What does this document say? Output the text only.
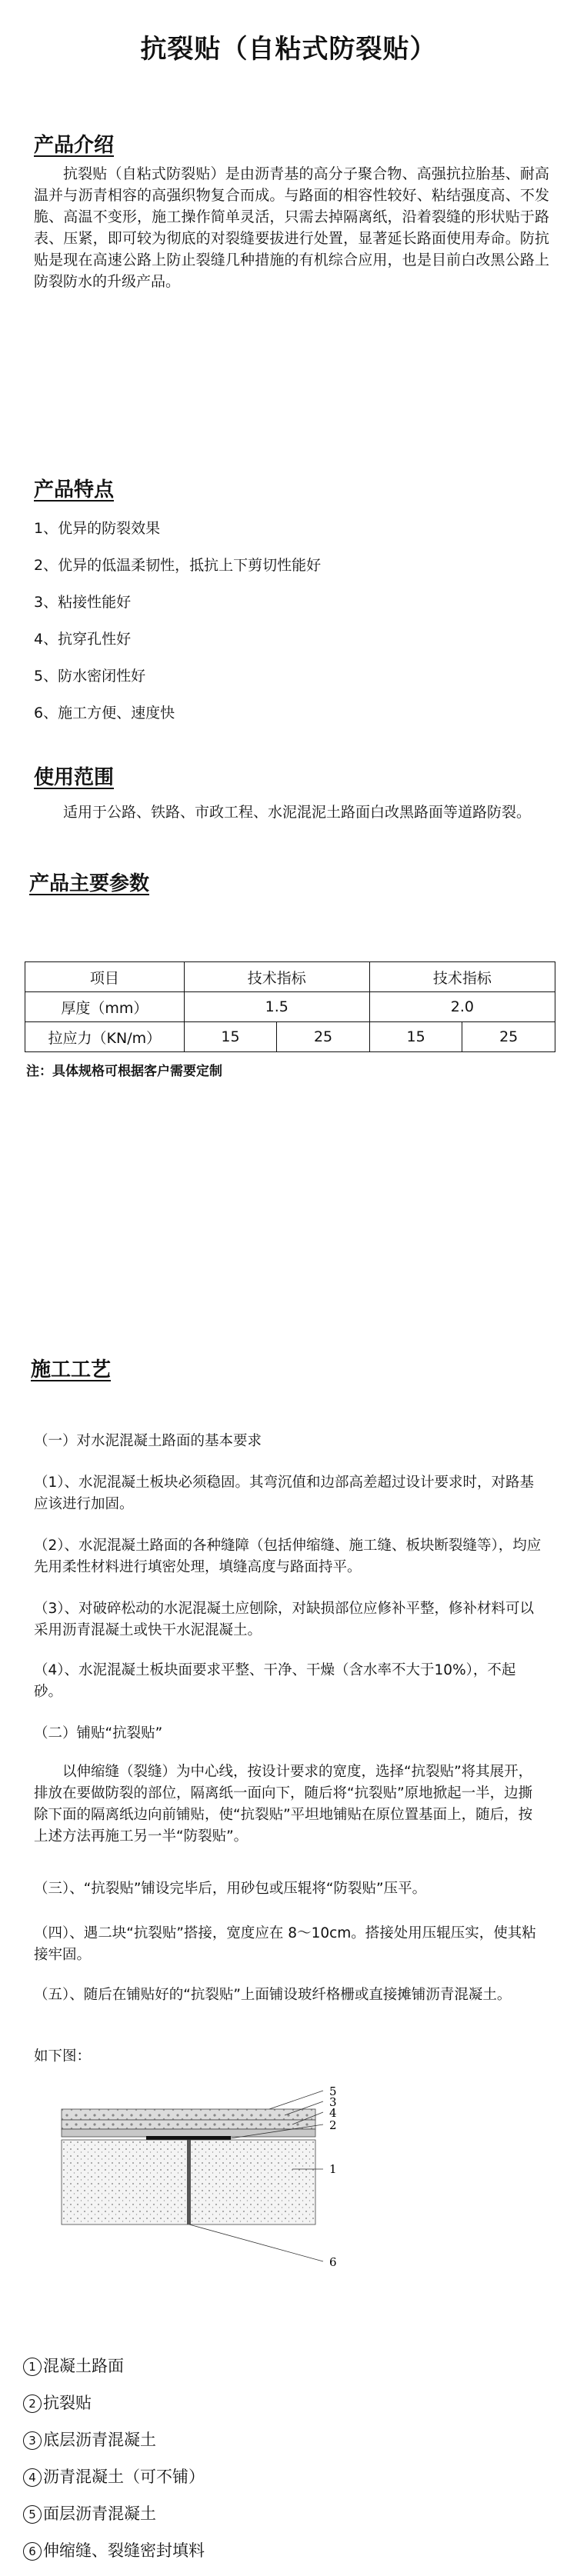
抗裂贴（自粘式防裂贴）
产品介绍
抗裂贴（自粘式防裂贴）是由沥青基的高分子聚合物、高强抗拉胎基、耐高温并与沥青相容的高强织物复合而成。与路面的相容性较好、粘结强度高、不发脆、高温不变形，施工操作简单灵活，只需去掉隔离纸，沿着裂缝的形状贴于路表、压紧，即可较为彻底的对裂缝要拔进行处置，显著延长路面使用寿命。防抗贴是现在高速公路上防止裂缝几种措施的有机综合应用，也是目前白改黑公路上防裂防水的升级产品。
产品特点
1、优异的防裂效果
2、优异的低温柔韧性，抵抗上下剪切性能好
3、粘接性能好
4、抗穿孔性好
5、防水密闭性好
6、施工方便、速度快
使用范围
适用于公路、铁路、市政工程、水泥混泥土路面白改黑路面等道路防裂。
产品主要参数
项目	技术指标		技术指标	
厚度（mm）	1.5		2.0	
拉应力（KN/m）	15	25	15	25
注：具体规格可根据客户需要定制
施工工艺
（一）对水泥混凝土路面的基本要求
（1）、水泥混凝土板块必须稳固。其弯沉值和边部高差超过设计要求时，对路基应该进行加固。
（2）、水泥混凝土路面的各种缝障（包括伸缩缝、施工缝、板块断裂缝等），均应先用柔性材料进行填密处理，填缝高度与路面持平。
（3）、对破碎松动的水泥混凝土应刨除，对缺损部位应修补平整，修补材料可以采用沥青混凝土或快干水泥混凝土。
（4）、水泥混凝土板块面要求平整、干净、干燥（含水率不大于10%），不起砂。
（二）铺贴“抗裂贴”
以伸缩缝（裂缝）为中心线，按设计要求的宽度，选择“抗裂贴”将其展开，排放在要做防裂的部位，隔离纸一面向下，随后将“抗裂贴”原地掀起一半，边撕除下面的隔离纸边向前铺贴，使“抗裂贴”平坦地铺贴在原位置基面上，随后，按上述方法再施工另一半“防裂贴”。
（三）、“抗裂贴”铺设完毕后，用砂包或压辊将“防裂贴”压平。
（四）、遇二块“抗裂贴”搭接，宽度应在 8～10cm。搭接处用压辊压实，使其粘接牢固。
（五）、随后在铺贴好的“抗裂贴”上面铺设玻纤格栅或直接摊铺沥青混凝土。
如下图：
5
3
4
2
1
6
1 混凝土路面
2 抗裂贴
3 底层沥青混凝土
4 沥青混凝土（可不铺）
5 面层沥青混凝土
6 伸缩缝、裂缝密封填料
